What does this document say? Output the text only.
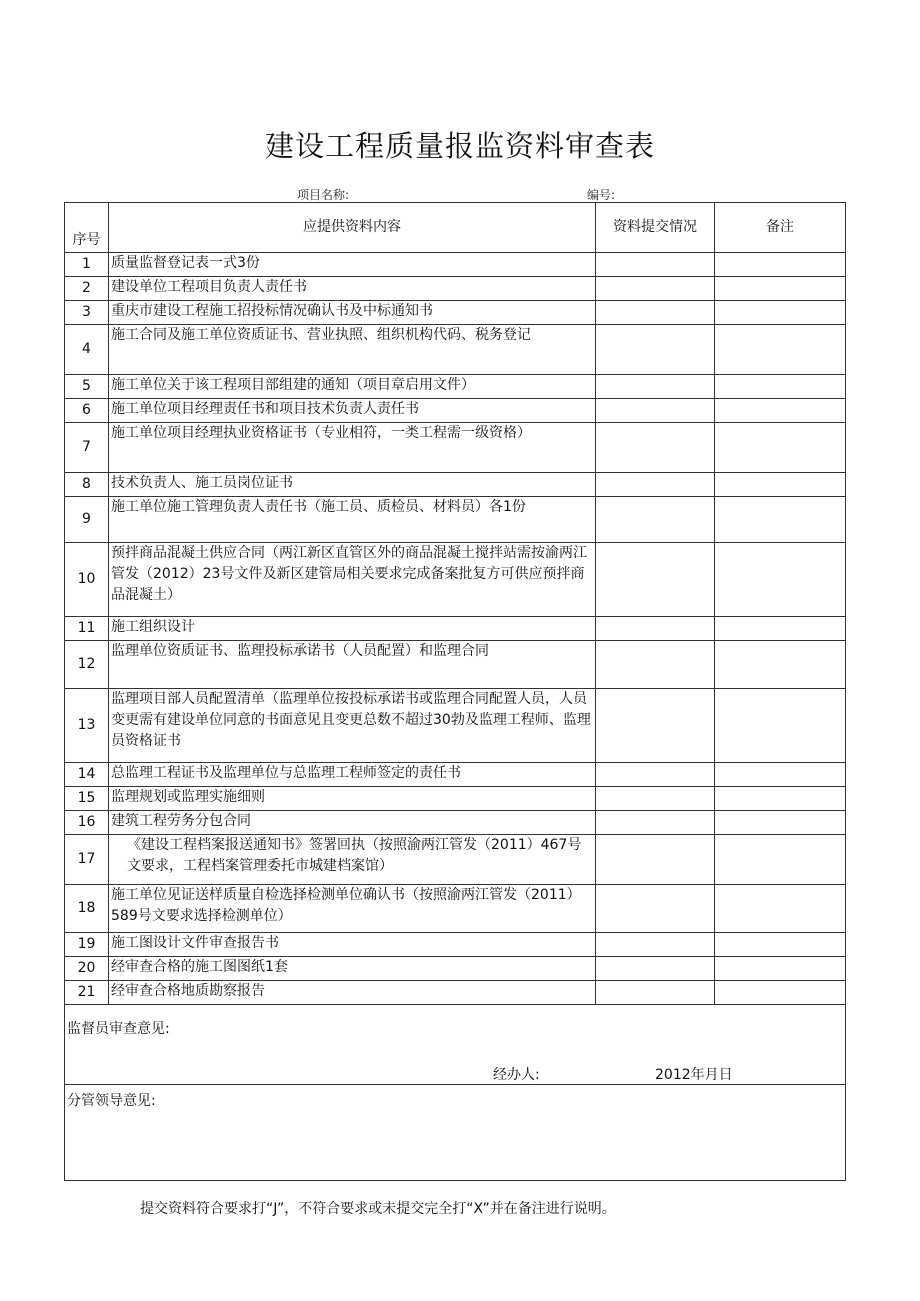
建设工程质量报监资料审查表
项目名称:	编号:
序号	应提供资料内容	资料提交情况	备注
1	质量监督登记表一式3份		
2	建设单位工程项目负责人责任书		
3	重庆市建设工程施工招投标情况确认书及中标通知书		
4	施工合同及施工单位资质证书、营业执照、组织机构代码、税务登记		
5	施工单位关于该工程项目部组建的通知（项目章启用文件）		
6	施工单位项目经理责任书和项目技术负责人责任书		
7	施工单位项目经理执业资格证书（专业相符，一类工程需一级资格）		
8	技术负责人、施工员岗位证书		
9	施工单位施工管理负责人责任书（施工员、质检员、材料员）各1份		
10	预拌商品混凝土供应合同（两江新区直管区外的商品混凝土搅拌站需按渝两江管发（2012）23号文件及新区建管局相关要求完成备案批复方可供应预拌商品混凝土）		
11	施工组织设计		
12	监理单位资质证书、监理投标承诺书（人员配置）和监理合同		
13	监理项目部人员配置清单（监理单位按投标承诺书或监理合同配置人员，人员变更需有建设单位同意的书面意见且变更总数不超过30勃及监理工程师、监理员资格证书		
14	总监理工程证书及监理单位与总监理工程师签定的责任书		
15	监理规划或监理实施细则		
16	建筑工程劳务分包合同		
17	《建设工程档案报送通知书》签署回执（按照渝两江管发（2011）467号文要求，工程档案管理委托市城建档案馆）		
18	施工单位见证送样质量自检选择检测单位确认书（按照渝两江管发（2011）589号文要求选择检测单位）		
19	施工图设计文件审查报告书		
20	经审查合格的施工图图纸1套		
21	经审查合格地质勘察报告		

监督员审查意见:
经办人: 2012年月日			

分管领导意见:			
提交资料符合要求打“J”，不符合要求或未提交完全打“X”并在备注进行说明。
